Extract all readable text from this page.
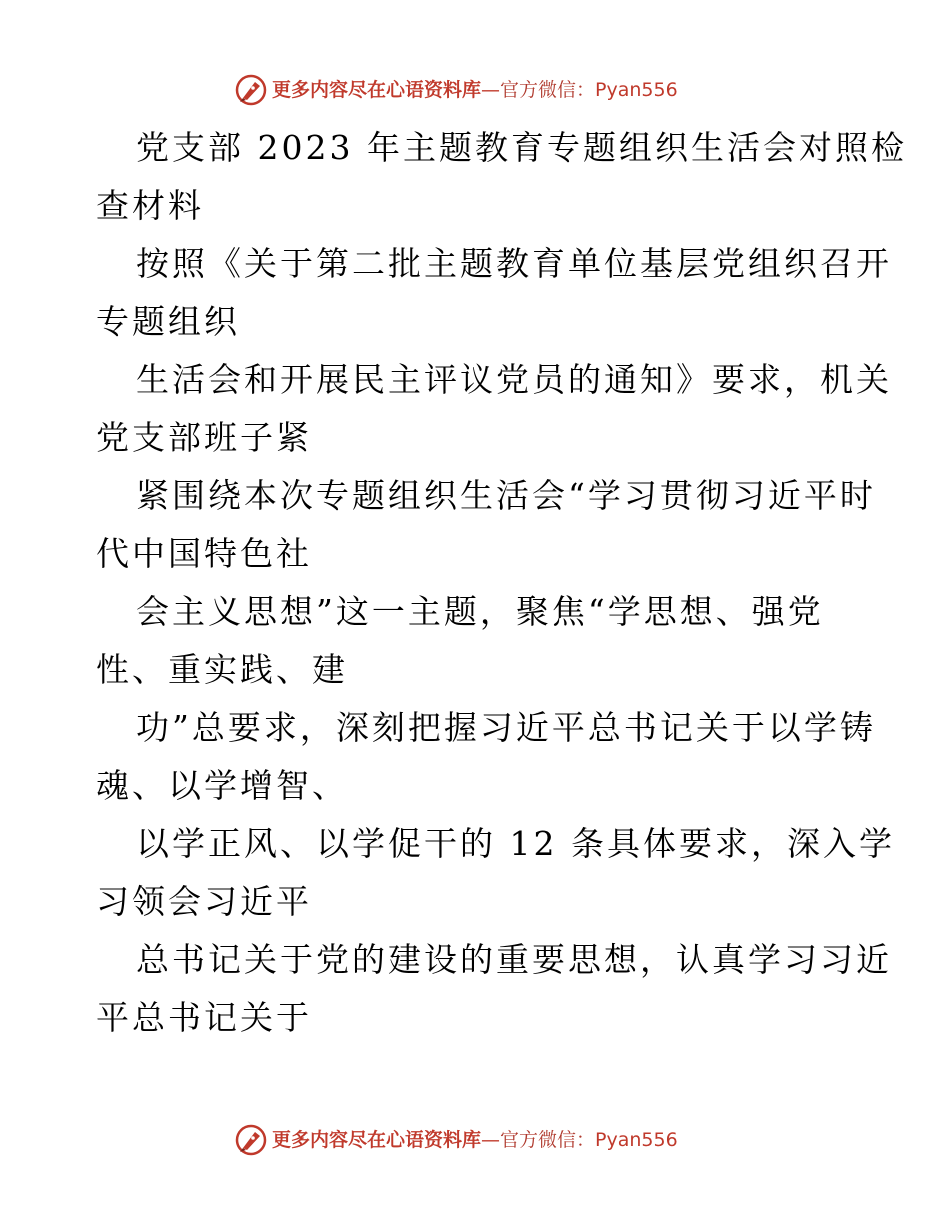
更多内容尽在心语资料库—官方微信：Pyan556
党支部 2023 年主题教育专题组织生活会对照检
查材料
按照《关于第二批主题教育单位基层党组织召开
专题组织
生活会和开展民主评议党员的通知》要求，机关
党支部班子紧
紧围绕本次专题组织生活会“学习贯彻习近平时
代中国特色社
会主义思想”这一主题，聚焦“学思想、强党
性、重实践、建
功”总要求，深刻把握习近平总书记关于以学铸
魂、以学增智、
以学正风、以学促干的 12 条具体要求，深入学
习领会习近平
总书记关于党的建设的重要思想，认真学习习近
平总书记关于
更多内容尽在心语资料库—官方微信：Pyan556
